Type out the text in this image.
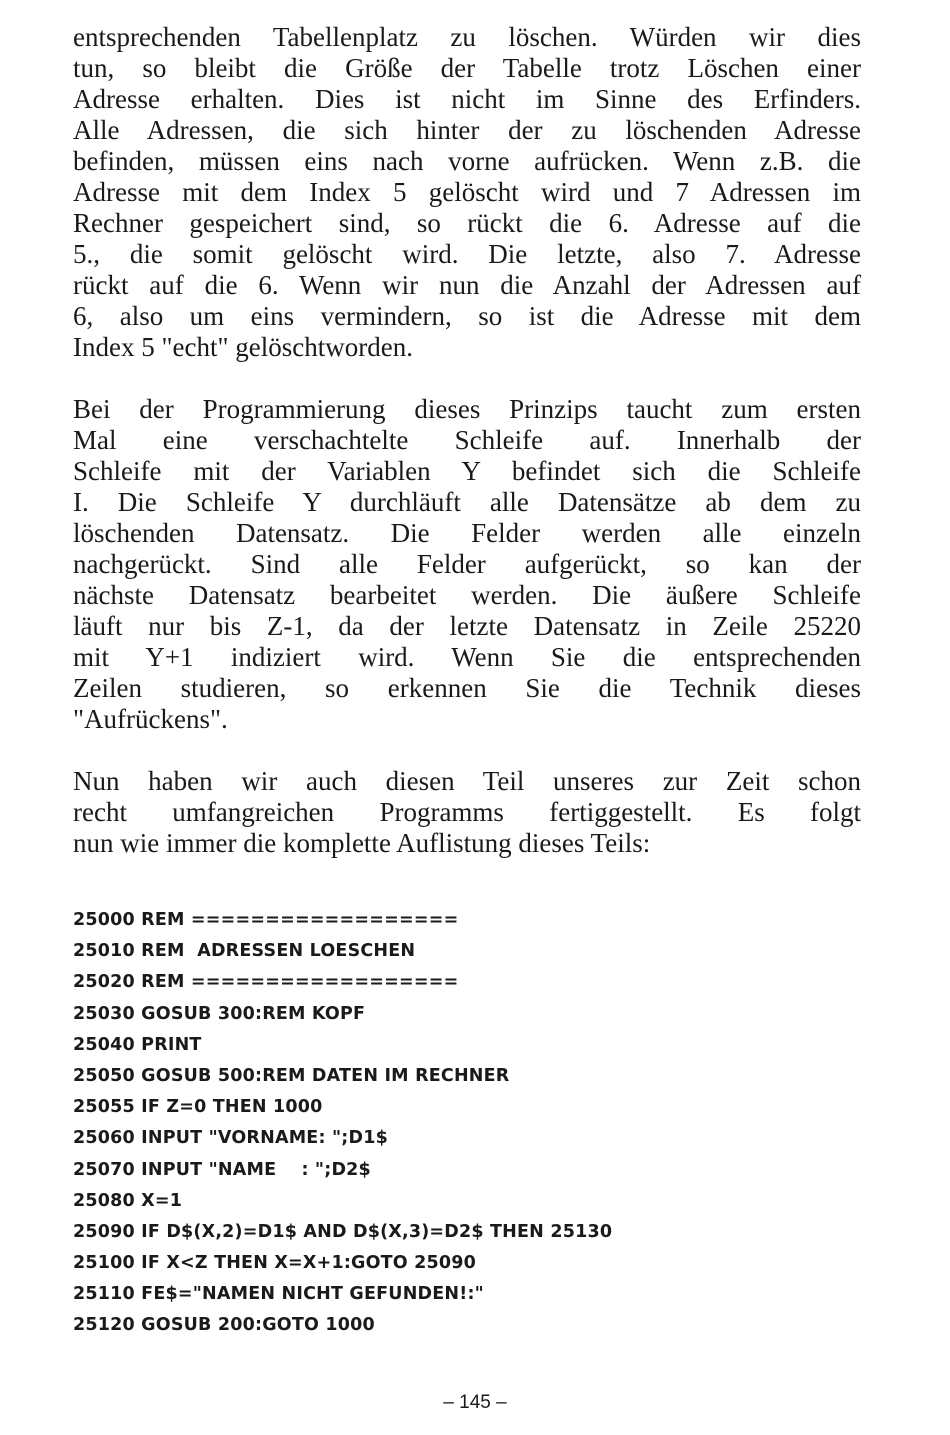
entsprechenden Tabellenplatz zu löschen. Würden wir dies
tun, so bleibt die Größe der Tabelle trotz Löschen einer
Adresse erhalten. Dies ist nicht im Sinne des Erfinders.
Alle Adressen, die sich hinter der zu löschenden Adresse
befinden, müssen eins nach vorne aufrücken. Wenn z.B. die
Adresse mit dem Index 5 gelöscht wird und 7 Adressen im
Rechner gespeichert sind, so rückt die 6. Adresse auf die
5., die somit gelöscht wird. Die letzte, also 7. Adresse
rückt auf die 6. Wenn wir nun die Anzahl der Adressen auf
6, also um eins vermindern, so ist die Adresse mit dem
Index 5 "echt" gelöschtworden.
Bei der Programmierung dieses Prinzips taucht zum ersten
Mal eine verschachtelte Schleife auf. Innerhalb der
Schleife mit der Variablen Y befindet sich die Schleife
I. Die Schleife Y durchläuft alle Datensätze ab dem zu
löschenden Datensatz. Die Felder werden alle einzeln
nachgerückt. Sind alle Felder aufgerückt, so kan der
nächste Datensatz bearbeitet werden. Die äußere Schleife
läuft nur bis Z-1, da der letzte Datensatz in Zeile 25220
mit Y+1 indiziert wird. Wenn Sie die entsprechenden
Zeilen studieren, so erkennen Sie die Technik dieses
"Aufrückens".
Nun haben wir auch diesen Teil unseres zur Zeit schon
recht umfangreichen Programms fertiggestellt. Es folgt
nun wie immer die komplette Auflistung dieses Teils:
25000 REM ==================
25010 REM  ADRESSEN LOESCHEN
25020 REM ==================
25030 GOSUB 300:REM KOPF
25040 PRINT
25050 GOSUB 500:REM DATEN IM RECHNER
25055 IF Z=0 THEN 1000
25060 INPUT "VORNAME: ";D1$
25070 INPUT "NAME    : ";D2$
25080 X=1
25090 IF D$(X,2)=D1$ AND D$(X,3)=D2$ THEN 25130
25100 IF X<Z THEN X=X+1:GOTO 25090
25110 FE$="NAMEN NICHT GEFUNDEN!:"
25120 GOSUB 200:GOTO 1000
– 145 –
